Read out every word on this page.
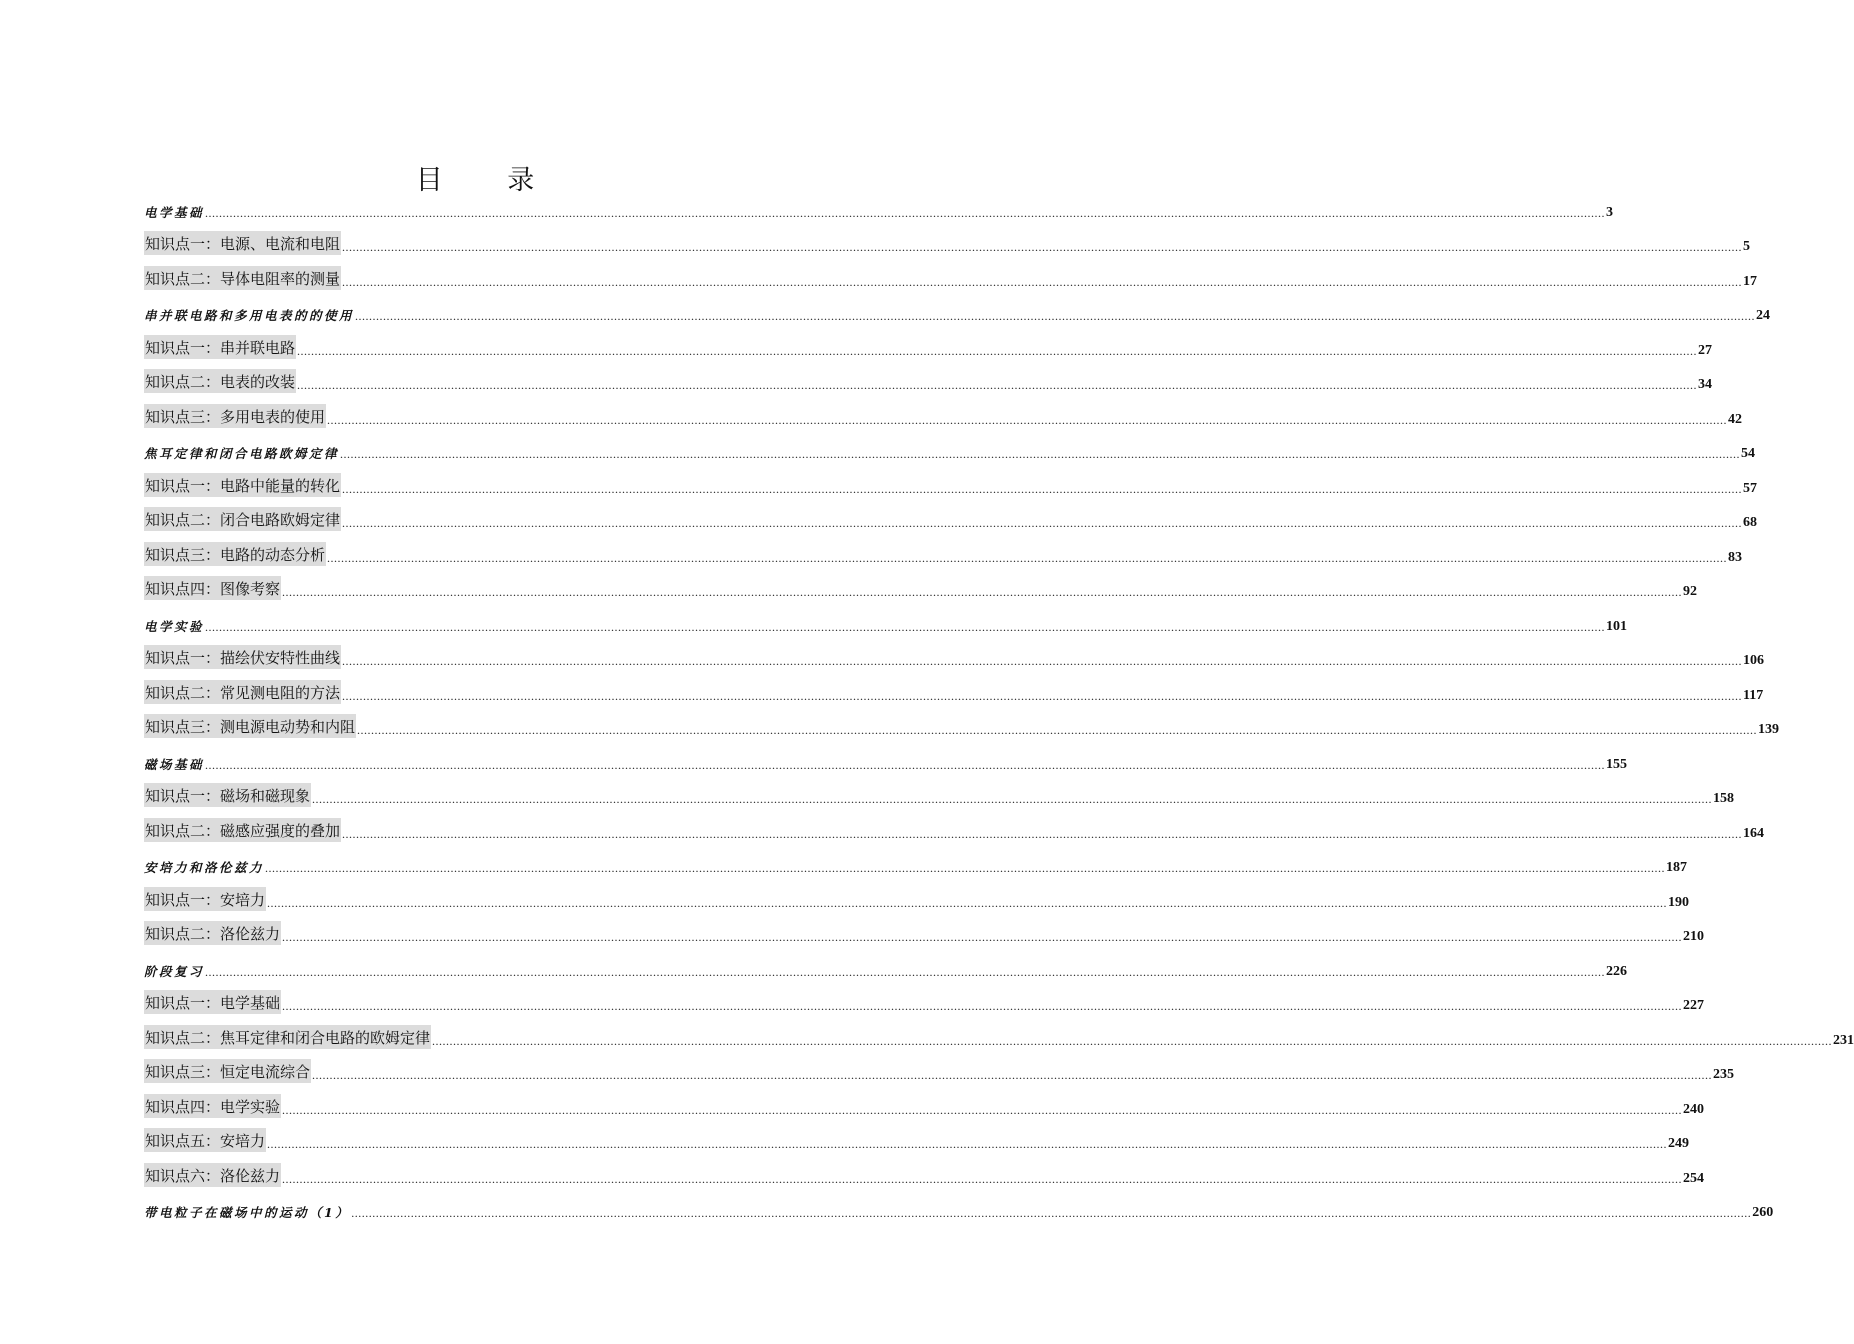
目 录
电学基础 ................................................................................................................................................................................................................................................................................................................................................................................................................ 3
知识点一：电源、电流和电阻 ................................................................................................................................................................................................................................................................................................................................................................................................................ 5
知识点二：导体电阻率的测量 ................................................................................................................................................................................................................................................................................................................................................................................................................ 17
串并联电路和多用电表的的使用 ................................................................................................................................................................................................................................................................................................................................................................................................................ 24
知识点一：串并联电路 ................................................................................................................................................................................................................................................................................................................................................................................................................ 27
知识点二：电表的改装 ................................................................................................................................................................................................................................................................................................................................................................................................................ 34
知识点三：多用电表的使用 ................................................................................................................................................................................................................................................................................................................................................................................................................ 42
焦耳定律和闭合电路欧姆定律 ................................................................................................................................................................................................................................................................................................................................................................................................................ 54
知识点一：电路中能量的转化 ................................................................................................................................................................................................................................................................................................................................................................................................................ 57
知识点二：闭合电路欧姆定律 ................................................................................................................................................................................................................................................................................................................................................................................................................ 68
知识点三：电路的动态分析 ................................................................................................................................................................................................................................................................................................................................................................................................................ 83
知识点四：图像考察 ................................................................................................................................................................................................................................................................................................................................................................................................................ 92
电学实验 ................................................................................................................................................................................................................................................................................................................................................................................................................ 101
知识点一：描绘伏安特性曲线 ................................................................................................................................................................................................................................................................................................................................................................................................................ 106
知识点二：常见测电阻的方法 ................................................................................................................................................................................................................................................................................................................................................................................................................ 117
知识点三：测电源电动势和内阻 ................................................................................................................................................................................................................................................................................................................................................................................................................ 139
磁场基础 ................................................................................................................................................................................................................................................................................................................................................................................................................ 155
知识点一：磁场和磁现象 ................................................................................................................................................................................................................................................................................................................................................................................................................ 158
知识点二：磁感应强度的叠加 ................................................................................................................................................................................................................................................................................................................................................................................................................ 164
安培力和洛伦兹力 ................................................................................................................................................................................................................................................................................................................................................................................................................ 187
知识点一：安培力 ................................................................................................................................................................................................................................................................................................................................................................................................................ 190
知识点二：洛伦兹力 ................................................................................................................................................................................................................................................................................................................................................................................................................ 210
阶段复习 ................................................................................................................................................................................................................................................................................................................................................................................................................ 226
知识点一：电学基础 ................................................................................................................................................................................................................................................................................................................................................................................................................ 227
知识点二：焦耳定律和闭合电路的欧姆定律 ................................................................................................................................................................................................................................................................................................................................................................................................................ 231
知识点三：恒定电流综合 ................................................................................................................................................................................................................................................................................................................................................................................................................ 235
知识点四：电学实验 ................................................................................................................................................................................................................................................................................................................................................................................................................ 240
知识点五：安培力 ................................................................................................................................................................................................................................................................................................................................................................................................................ 249
知识点六：洛伦兹力 ................................................................................................................................................................................................................................................................................................................................................................................................................ 254
带电粒子在磁场中的运动（1） ................................................................................................................................................................................................................................................................................................................................................................................................................ 260
